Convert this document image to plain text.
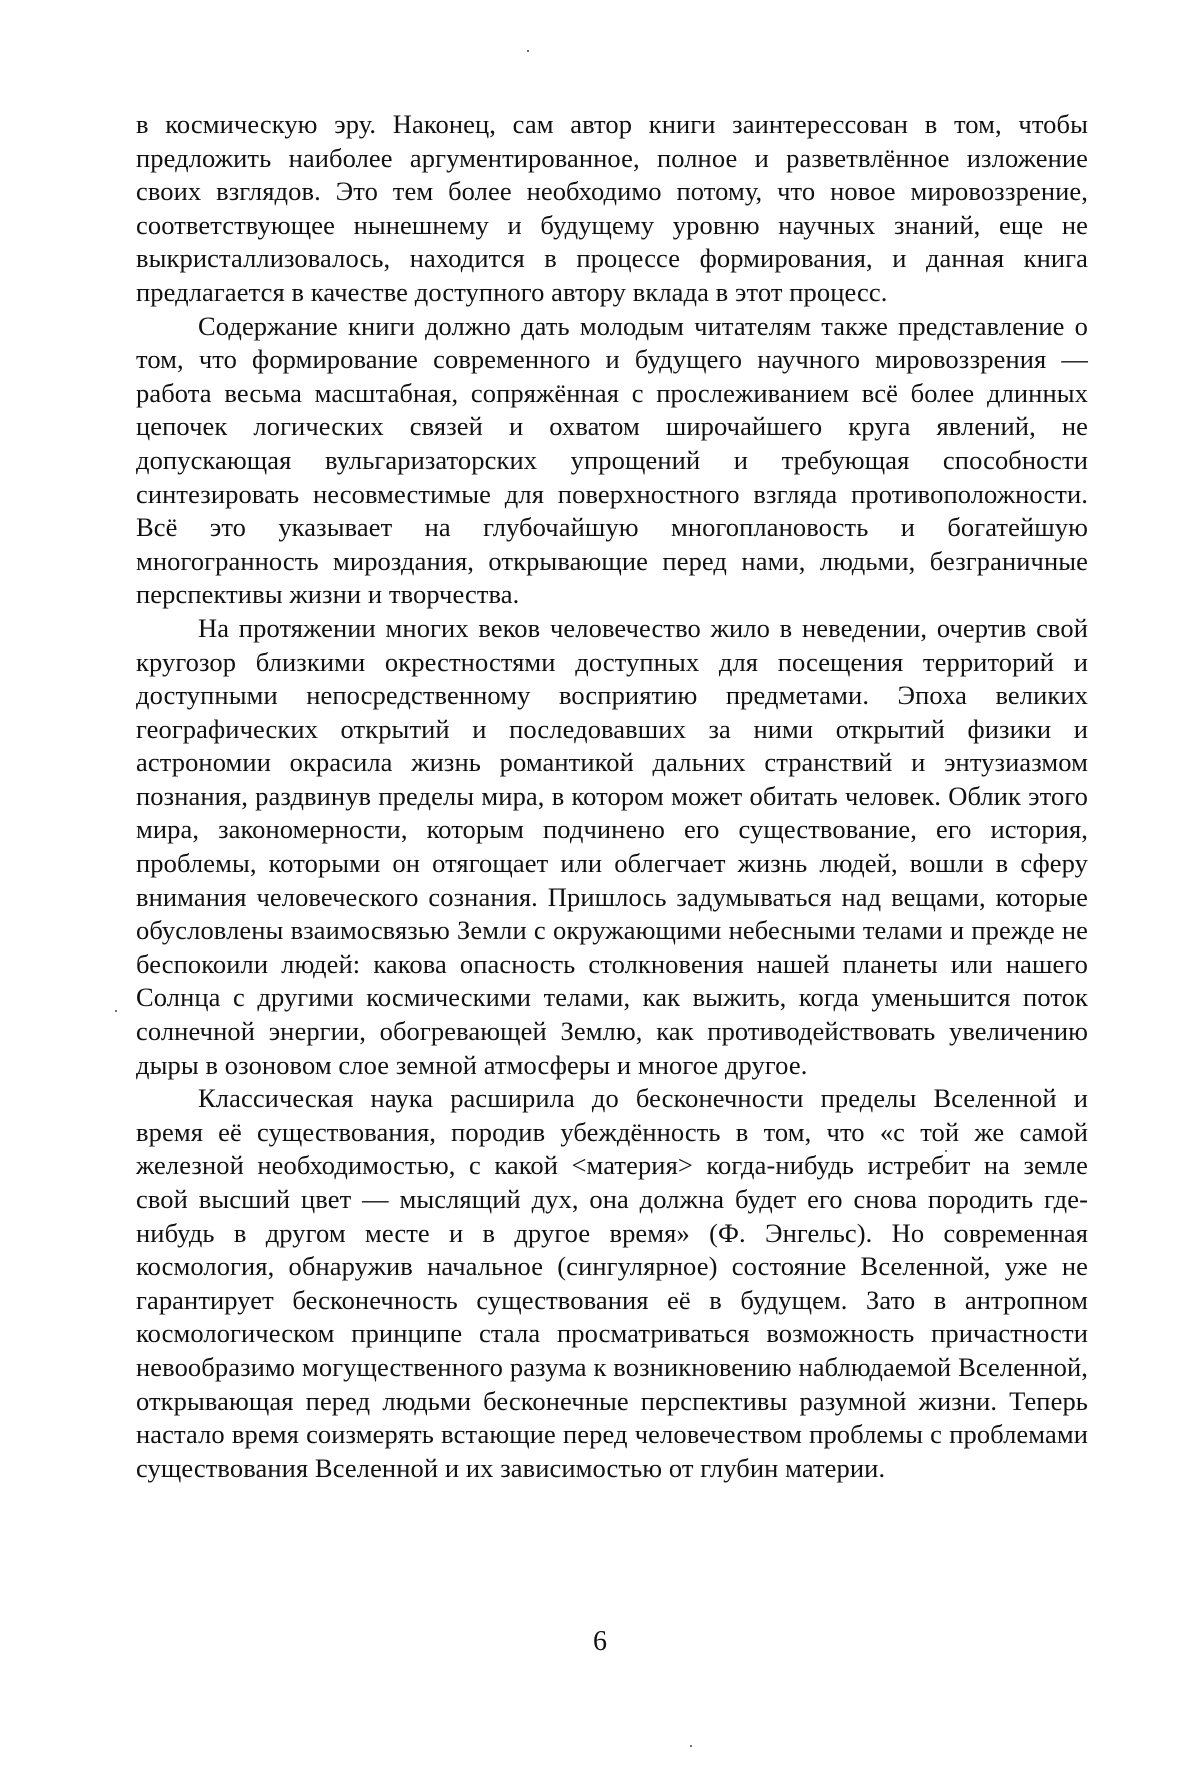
в космическую эру. Наконец, сам автор книги заинтерессован в том, чтобы предложить наиболее аргументированное, полное и разветвлённое изложение своих взглядов. Это тем более необходимо потому, что новое мировоззрение, соответствующее нынешнему и будущему уровню научных знаний, еще не выкристаллизовалось, находится в процессе формирования, и данная книга предлагается в качестве доступного автору вклада в этот процесс.

Содержание книги должно дать молодым читателям также представление о том, что формирование современного и будущего научного мировоззрения — работа весьма масштабная, сопряжённая с прослеживанием всё более длинных цепочек логических связей и охватом широчайшего круга явлений, не допускающая вульгаризаторских упрощений и требующая способности синтезировать несовместимые для поверхностного взгляда противоположности. Всё это указывает на глубочайшую многоплановость и богатейшую многогранность мироздания, открывающие перед нами, людьми, безграничные перспективы жизни и творчества.

На протяжении многих веков человечество жило в неведении, очертив свой кругозор близкими окрестностями доступных для посещения территорий и доступными непосредственному восприятию предметами. Эпоха великих географических открытий и последовавших за ними открытий физики и астрономии окрасила жизнь романтикой дальних странствий и энтузиазмом познания, раздвинув пределы мира, в котором может обитать человек. Облик этого мира, закономерности, которым подчинено его существование, его история, проблемы, которыми он отягощает или облегчает жизнь людей, вошли в сферу внимания человеческого сознания. Пришлось задумываться над вещами, которые обусловлены взаимосвязью Земли с окружающими небесными телами и прежде не беспокоили людей: какова опасность столкновения нашей планеты или нашего Солнца с другими космическими телами, как выжить, когда уменьшится поток солнечной энергии, обогревающей Землю, как противодействовать увеличению дыры в озоновом слое земной атмосферы и многое другое.

Классическая наука расширила до бесконечности пределы Вселенной и время её существования, породив убеждённость в том, что «с той же самой железной необходимостью, с какой <материя> когда-нибудь истребит на земле свой высший цвет — мыслящий дух, она должна будет его снова породить где-нибудь в другом месте и в другое время» (Ф. Энгельс). Но современная космология, обнаружив начальное (сингулярное) состояние Вселенной, уже не гарантирует бесконечность существования её в будущем. Зато в антропном космологическом принципе стала просматриваться возможность причастности невообразимо могущественного разума к возникновению наблюдаемой Вселенной, открывающая перед людьми бесконечные перспективы разумной жизни. Теперь настало время соизмерять встающие перед человечеством проблемы с проблемами существования Вселенной и их зависимостью от глубин материи.

6
